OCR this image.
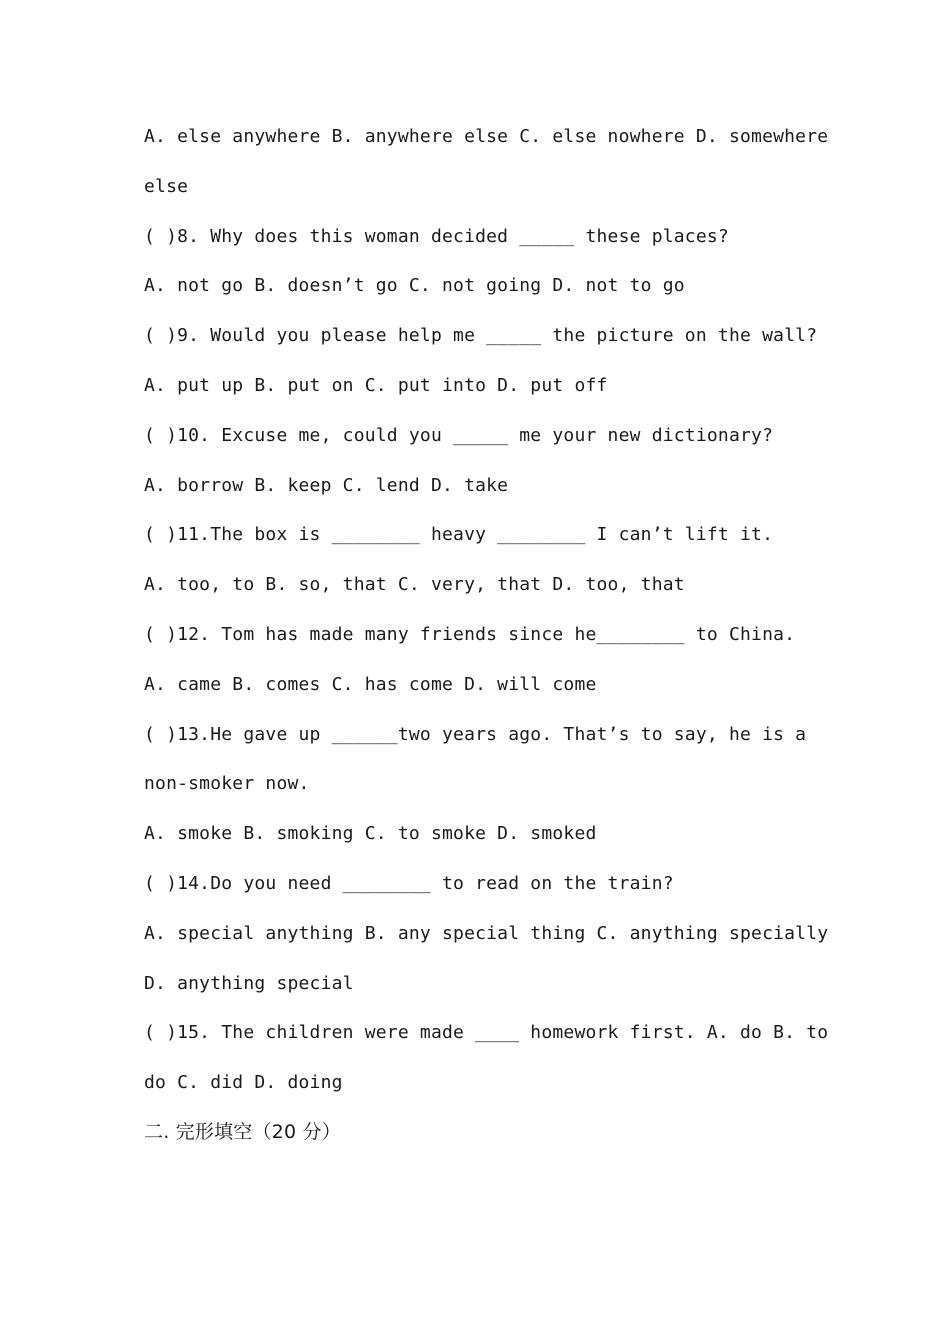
A. else anywhere B. anywhere else C. else nowhere D. somewhere
else
( )8. Why does this woman decided _____ these places?
A. not go B. doesn’t go C. not going D. not to go
( )9. Would you please help me _____ the picture on the wall?
A. put up B. put on C. put into D. put off
( )10. Excuse me, could you _____ me your new dictionary?
A. borrow B. keep C. lend D. take
( )11.The box is ________ heavy ________ I can’t lift it.
A. too, to B. so, that C. very, that D. too, that
( )12. Tom has made many friends since he________ to China.
A. came B. comes C. has come D. will come
( )13.He gave up ______two years ago. That’s to say, he is a
non-smoker now.
A. smoke B. smoking C. to smoke D. smoked
( )14.Do you need ________ to read on the train?
A. special anything B. any special thing C. anything specially
D. anything special
( )15. The children were made ____ homework first. A. do B. to
do C. did D. doing
二. 完形填空（20 分）
